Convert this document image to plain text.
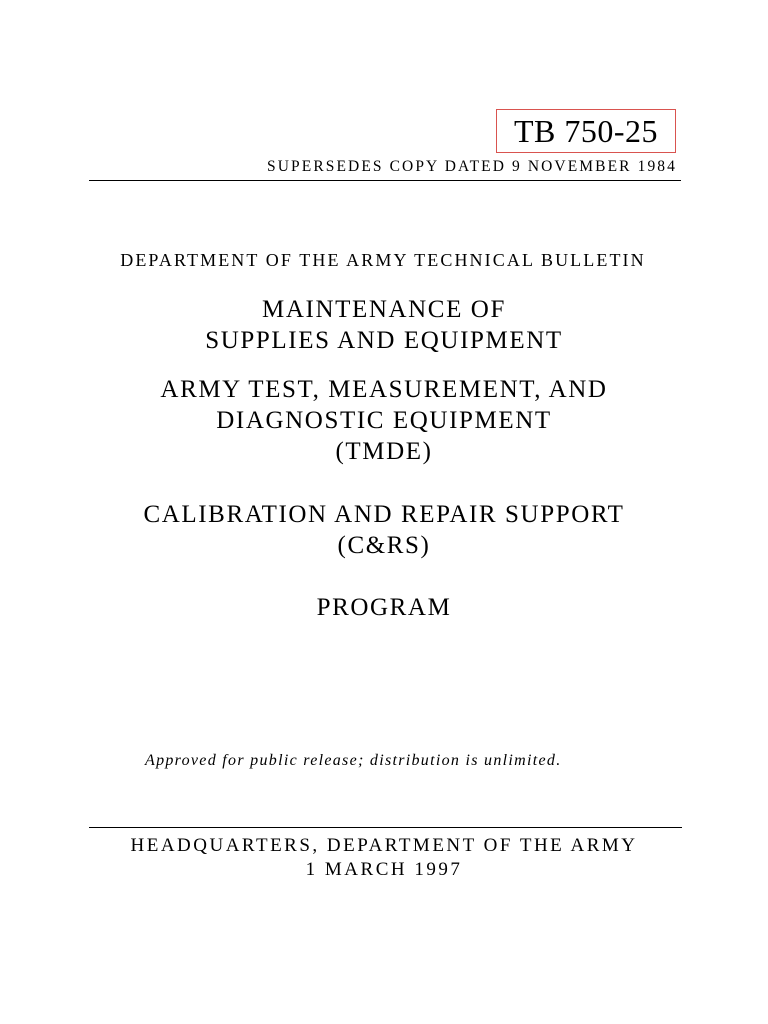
TB 750-25
SUPERSEDES COPY DATED 9 NOVEMBER 1984
DEPARTMENT OF THE ARMY TECHNICAL BULLETIN
MAINTENANCE OF
SUPPLIES AND EQUIPMENT
ARMY TEST, MEASUREMENT, AND
DIAGNOSTIC EQUIPMENT
(TMDE)
CALIBRATION AND REPAIR SUPPORT
(C&RS)
PROGRAM
Approved for public release; distribution is unlimited.
HEADQUARTERS, DEPARTMENT OF THE ARMY
1 MARCH 1997
